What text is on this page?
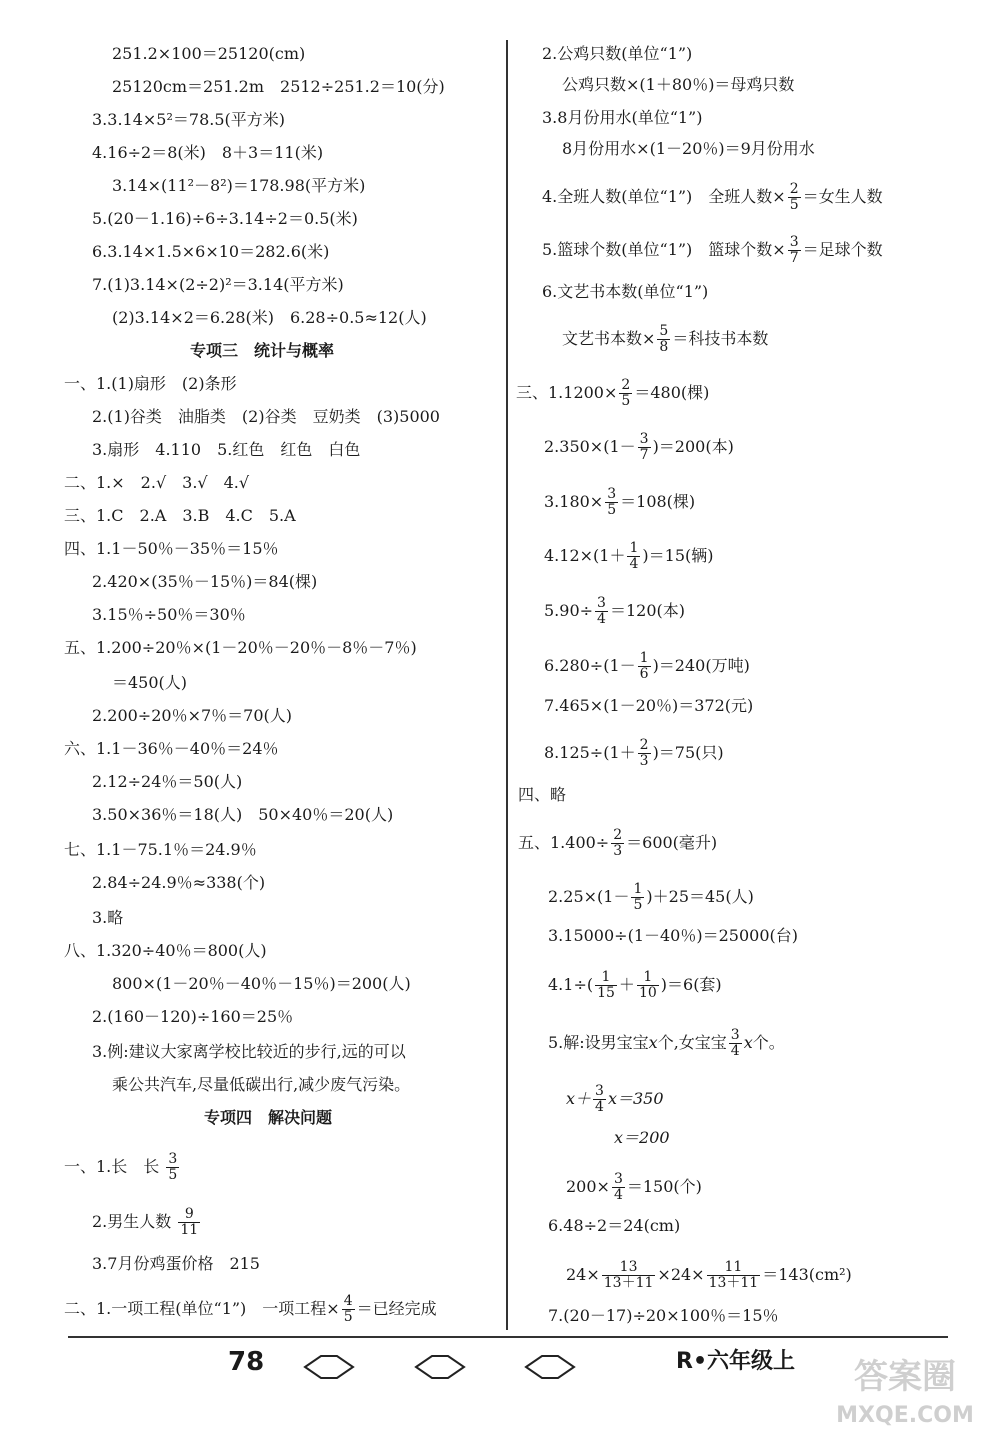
251.2×100＝25120(cm)
25120cm＝251.2m　2512÷251.2＝10(分)
3.3.14×5²＝78.5(平方米)
4.16÷2＝8(米)　8＋3＝11(米)
3.14×(11²－8²)＝178.98(平方米)
5.(20－1.16)÷6÷3.14÷2＝0.5(米)
6.3.14×1.5×6×10＝282.6(米)
7.(1)3.14×(2÷2)²＝3.14(平方米)
(2)3.14×2＝6.28(米)　6.28÷0.5≈12(人)
专项三　统计与概率
一、1.(1)扇形　(2)条形
2.(1)谷类　油脂类　(2)谷类　豆奶类　(3)5000
3.扇形　4.110　5.红色　红色　白色
二、1.×　2.√　3.√　4.√
三、1.C　2.A　3.B　4.C　5.A
四、1.1－50％－35％＝15％
2.420×(35％－15％)＝84(棵)
3.15％÷50％＝30％
五、1.200÷20％×(1－20％－20％－8％－7％)
＝450(人)
2.200÷20％×7％＝70(人)
六、1.1－36％－40％＝24％
2.12÷24％＝50(人)
3.50×36％＝18(人)　50×40％＝20(人)
七、1.1－75.1％＝24.9％
2.84÷24.9％≈338(个)
3.略
八、1.320÷40％＝800(人)
800×(1－20％－40％－15％)＝200(人)
2.(160－120)÷160＝25％
3.例:建议大家离学校比较近的步行,远的可以
乘公共汽车,尽量低碳出行,减少废气污染。
专项四　解决问题
一、1.长　长 $\frac{3}{5}$
2.男生人数 $\frac{9}{11}$
3.7月份鸡蛋价格　215
二、1.一项工程(单位“1”)　一项工程× $\frac{4}{5}$ ＝已经完成
2.公鸡只数(单位“1”)
公鸡只数×(1＋80％)＝母鸡只数
3.8月份用水(单位“1”)
8月份用水×(1－20％)＝9月份用水
4.全班人数(单位“1”)　全班人数× $\frac{2}{5}$ ＝女生人数
5.篮球个数(单位“1”)　篮球个数× $\frac{3}{7}$ ＝足球个数
6.文艺书本数(单位“1”)
文艺书本数× $\frac{5}{8}$ ＝科技书本数
三、$1.1200\times \frac{2}{5} =480$(棵)
$2.350\times(1- \frac{3}{7} )=200$(本)
$3.180\times \frac{3}{5} =108$(棵)
$4.12\times(1+ \frac{1}{4} )=15$(辆)
$5.90\div \frac{3}{4} =120$(本)
$6.280\div(1- \frac{1}{6} )=240$(万吨)
7.465×(1－20％)＝372(元)
$8.125\div(1+ \frac{2}{3} )=75$(只)
四、略
五、$1.400\div \frac{2}{3} =600$(毫升)
$2.25\times(1- \frac{1}{5} )+25=45$(人)
3.15000÷(1－40％)＝25000(台)
$4.1\div( \frac{1}{15} + \frac{1}{10} )=6$(套)
5.解:设男宝宝x个,女宝宝 $\frac{3}{4}$ x个。
$x+ \frac{3}{4} x=350$
x＝200
$200\times \frac{3}{4} =150$(个)
6.48÷2＝24(cm)
$24\times \frac{13}{13+11} \times 24\times \frac{11}{13+11} =143(cm^2)$
7.(20－17)÷20×100％＝15％
78	R•六年级上 答案圈
MXQE.COM
